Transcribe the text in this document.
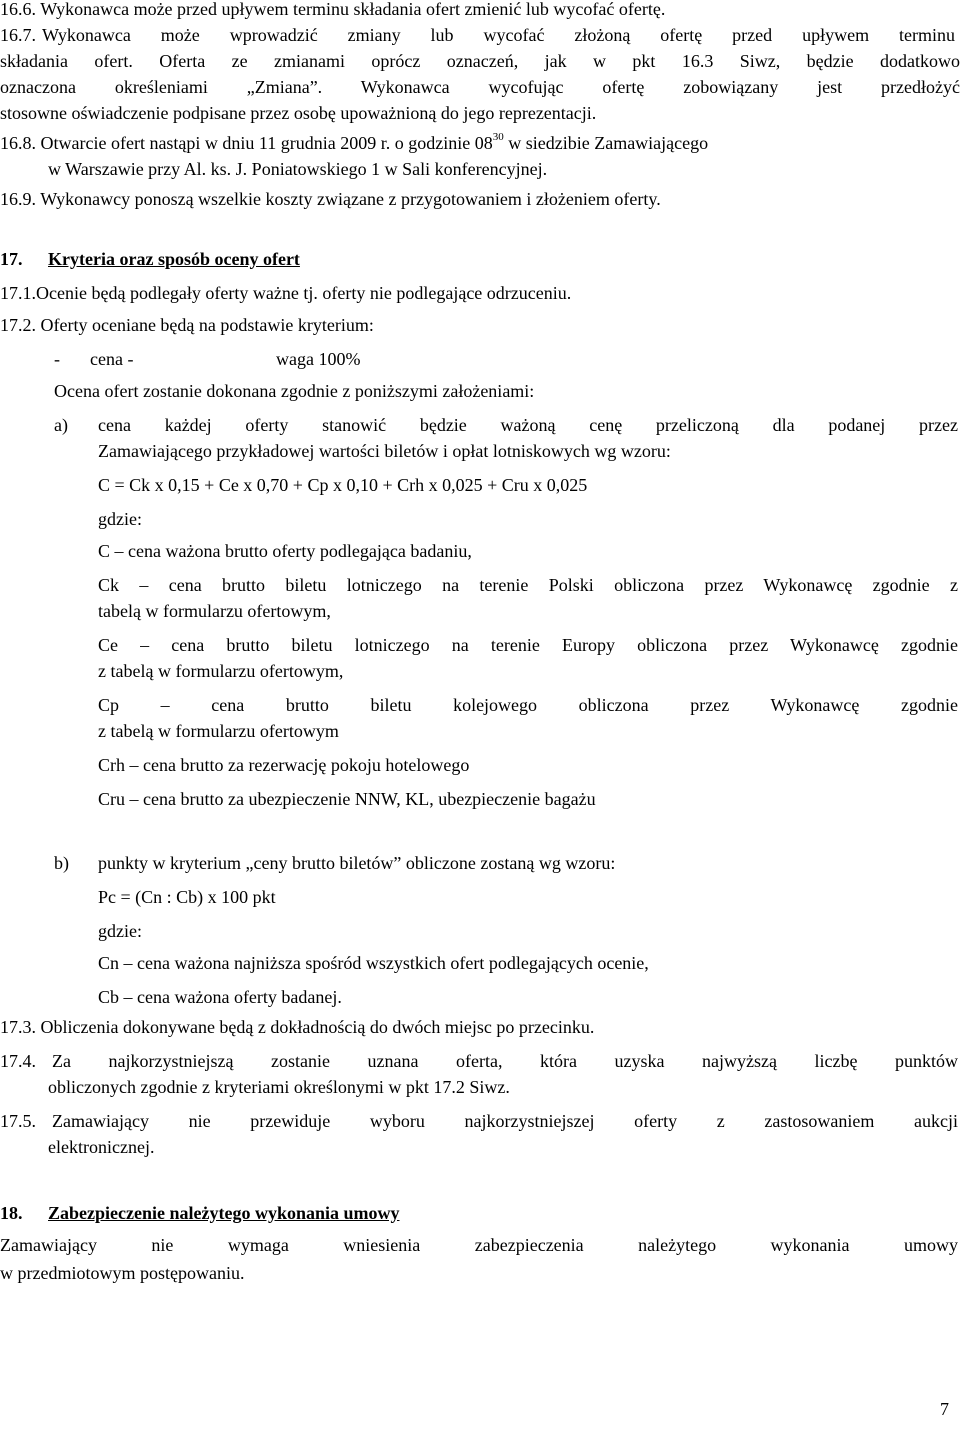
16.6. Wykonawca może przed upływem terminu składania ofert zmienić lub wycofać ofertę.
16.7. Wykonawca może wprowadzić zmiany lub wycofać złożoną ofertę przed upływem terminu
składania ofert. Oferta ze zmianami oprócz oznaczeń, jak w pkt 16.3 Siwz, będzie dodatkowo
oznaczona określeniami „Zmiana”. Wykonawca wycofując ofertę zobowiązany jest przedłożyć
stosowne oświadczenie podpisane przez osobę upoważnioną do jego reprezentacji.
16.8. Otwarcie ofert nastąpi w dniu 11 grudnia 2009 r. o godzinie $08^{30}$ w siedzibie Zamawiającego
w Warszawie przy Al. ks. J. Poniatowskiego 1 w Sali konferencyjnej.
16.9. Wykonawcy ponoszą wszelkie koszty związane z przygotowaniem i złożeniem oferty.
17. Kryteria oraz sposób oceny ofert
17.1.Ocenie będą podlegały oferty ważne tj. oferty nie podlegające odrzuceniu.
17.2. Oferty oceniane będą na podstawie kryterium:
- cena -	waga 100%
Ocena ofert zostanie dokonana zgodnie z poniższymi założeniami:
a) cena każdej oferty stanowić będzie ważoną cenę przeliczoną dla podanej przez
Zamawiającego przykładowej wartości biletów i opłat lotniskowych wg wzoru:
C = Ck x 0,15 + Ce x 0,70 + Cp x 0,10 + Crh x 0,025 + Cru x 0,025
gdzie:
C – cena ważona brutto oferty podlegająca badaniu,
Ck – cena brutto biletu lotniczego na terenie Polski obliczona przez Wykonawcę zgodnie z
tabelą w formularzu ofertowym,
Ce – cena brutto biletu lotniczego na terenie Europy obliczona przez Wykonawcę zgodnie
z tabelą w formularzu ofertowym,
Cp – cena brutto biletu kolejowego obliczona przez Wykonawcę zgodnie
z tabelą w formularzu ofertowym
Crh – cena brutto za rezerwację pokoju hotelowego
Cru – cena brutto za ubezpieczenie NNW, KL, ubezpieczenie bagażu
b) punkty w kryterium „ceny brutto biletów” obliczone zostaną wg wzoru:
Pc = (Cn : Cb) x 100 pkt
gdzie:
Cn – cena ważona najniższa spośród wszystkich ofert podlegających ocenie,
Cb – cena ważona oferty badanej.
17.3. Obliczenia dokonywane będą z dokładnością do dwóch miejsc po przecinku.
17.4. Za najkorzystniejszą zostanie uznana oferta, która uzyska najwyższą liczbę punktów
obliczonych zgodnie z kryteriami określonymi w pkt 17.2 Siwz.
17.5. Zamawiający nie przewiduje wyboru najkorzystniejszej oferty z zastosowaniem aukcji
elektronicznej.
18. Zabezpieczenie należytego wykonania umowy
Zamawiający nie wymaga wniesienia zabezpieczenia należytego wykonania umowy
w przedmiotowym postępowaniu.
7
